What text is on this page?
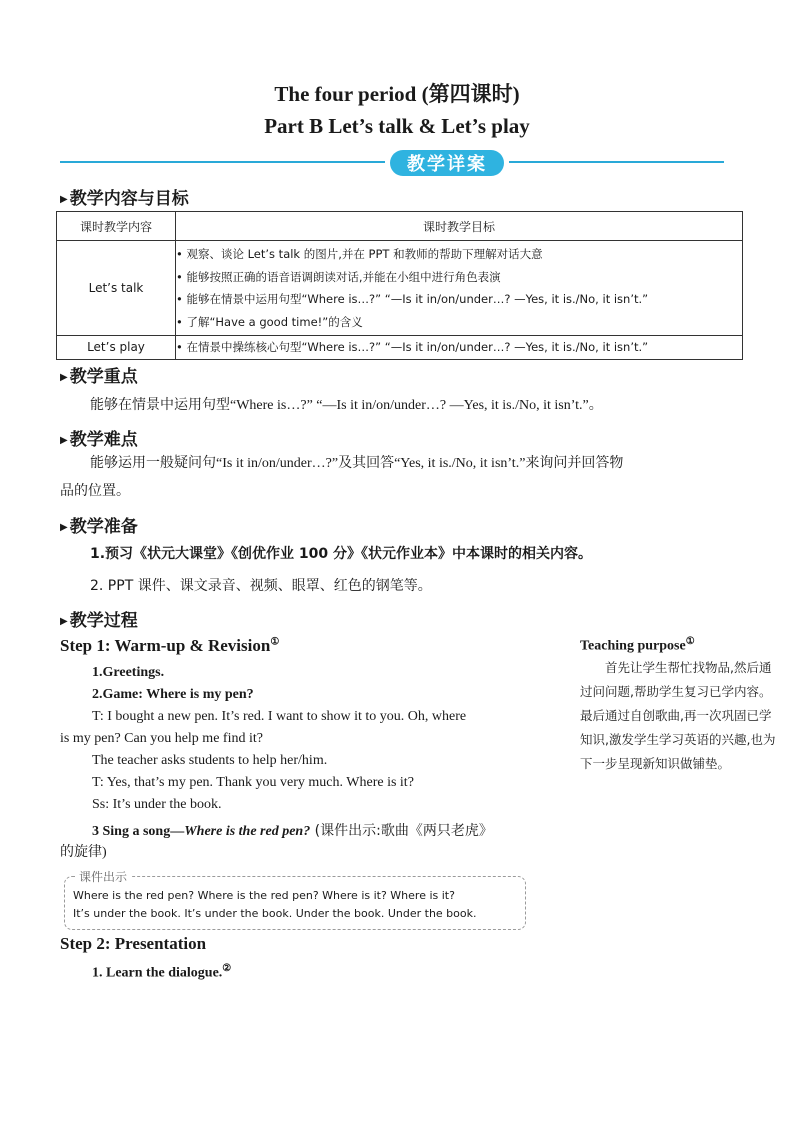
The four period (第四课时)
Part B Let’s talk & Let’s play
教学详案
▶ 教学内容与目标
课时教学内容	课时教学目标
Let’s talk	• 观察、谈论 Let’s talk 的图片,并在 PPT 和教师的帮助下理解对话大意
• 能够按照正确的语音语调朗读对话,并能在小组中进行角色表演
• 能够在情景中运用句型“Where is…?” “—Is it in/on/under…? —Yes, it is./No, it isn’t.”
• 了解“Have a good time!”的含义

Let’s play	• 在情景中操练核心句型“Where is…?” “—Is it in/on/under…? —Yes, it is./No, it isn’t.”
▶ 教学重点
能够在情景中运用句型“Where is…?” “—Is it in/on/under…? —Yes, it is./No, it isn’t.”。
▶ 教学难点
能够运用一般疑问句“Is it in/on/under…?”及其回答“Yes, it is./No, it isn’t.”来询问并回答物
品的位置。
▶ 教学准备
1.预习《状元大课堂》《创优作业 100 分》《状元作业本》中本课时的相关内容。
2. PPT 课件、课文录音、视频、眼罩、红色的钢笔等。
▶ 教学过程
Step 1: Warm-up & Revision①
1.Greetings.
2.Game: Where is my pen?
T: I bought a new pen. It’s red. I want to show it to you. Oh, where
is my pen? Can you help me find it?
The teacher asks students to help her/him.
T: Yes, that’s my pen. Thank you very much. Where is it?
Ss: It’s under the book.
3 Sing a song—Where is the red pen? (课件出示:歌曲《两只老虎》
的旋律)
课件出示
Where is the red pen? Where is the red pen? Where is it? Where is it?
It’s under the book. It’s under the book. Under the book. Under the book.
Step 2: Presentation
1. Learn the dialogue.②
Teaching purpose①
首先让学生帮忙找物品,然后通过问问题,帮助学生复习已学内容。最后通过自创歌曲,再一次巩固已学知识,激发学生学习英语的兴趣,也为下一步呈现新知识做铺垫。
